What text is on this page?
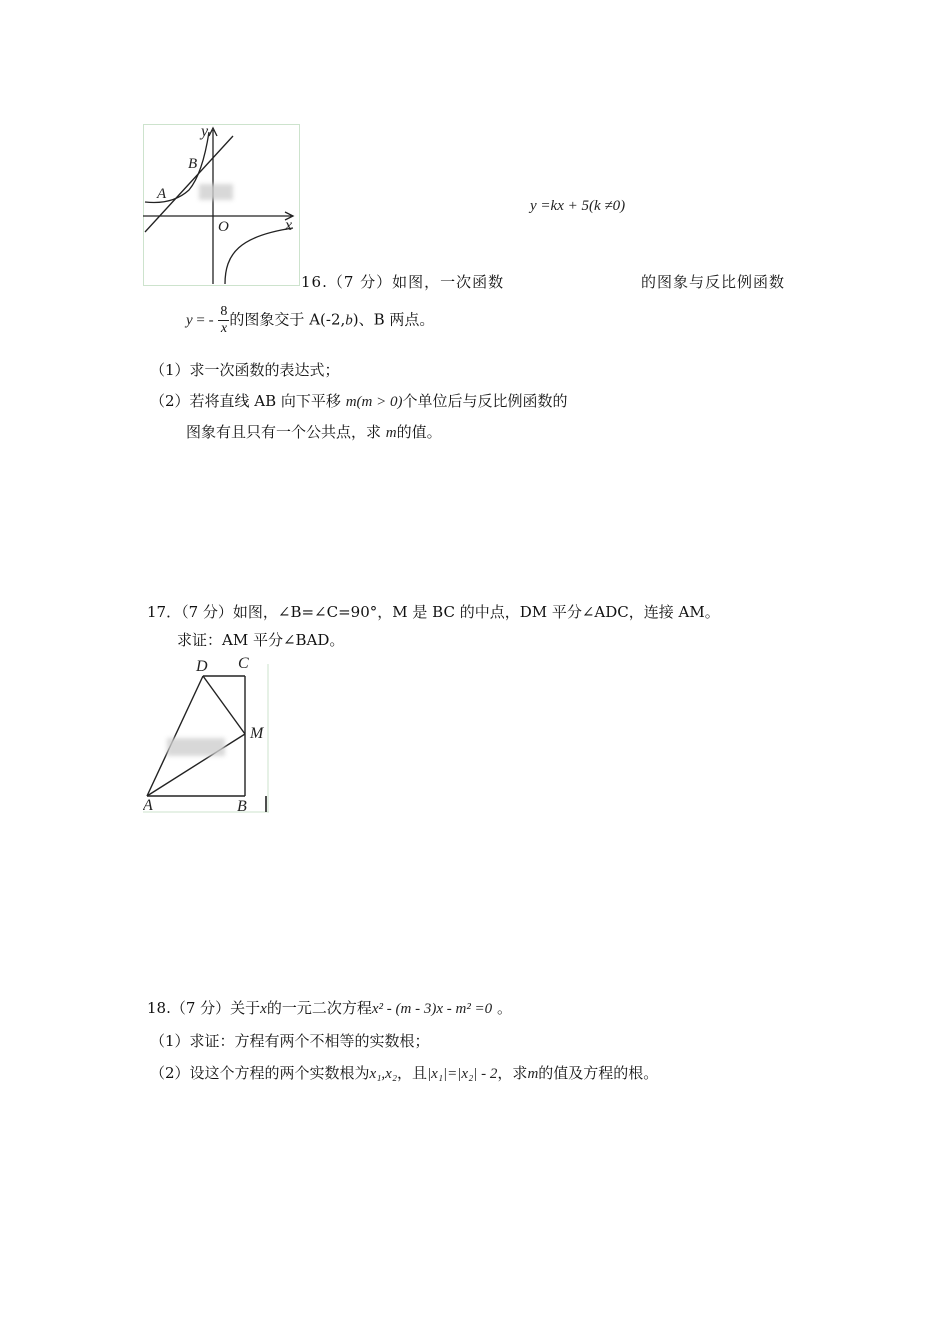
y
x
O
A
B
y =kx + 5(k ≠0)
16.（7 分）如图，一次函数	的图象与反比例函数
y = - $\frac{8}{x}$ 的图象交于 A(-2,b)、B 两点。
（1）求一次函数的表达式；
（2）若将直线 AB 向下平移 m(m > 0)个单位后与反比例函数的
图象有且只有一个公共点，求 m的值。
17．（7 分）如图，∠B=∠C=90°，M 是 BC 的中点，DM 平分∠ADC，连接 AM。
求证：AM 平分∠BAD。
D C
M
A	B
18.（7 分）关于x的一元二次方程x² - (m - 3)x - m² =0 。
（1）求证：方程有两个不相等的实数根；
（2）设这个方程的两个实数根为x₁,x₂，且|x₁|=|x₂| - 2，求m的值及方程的根。
